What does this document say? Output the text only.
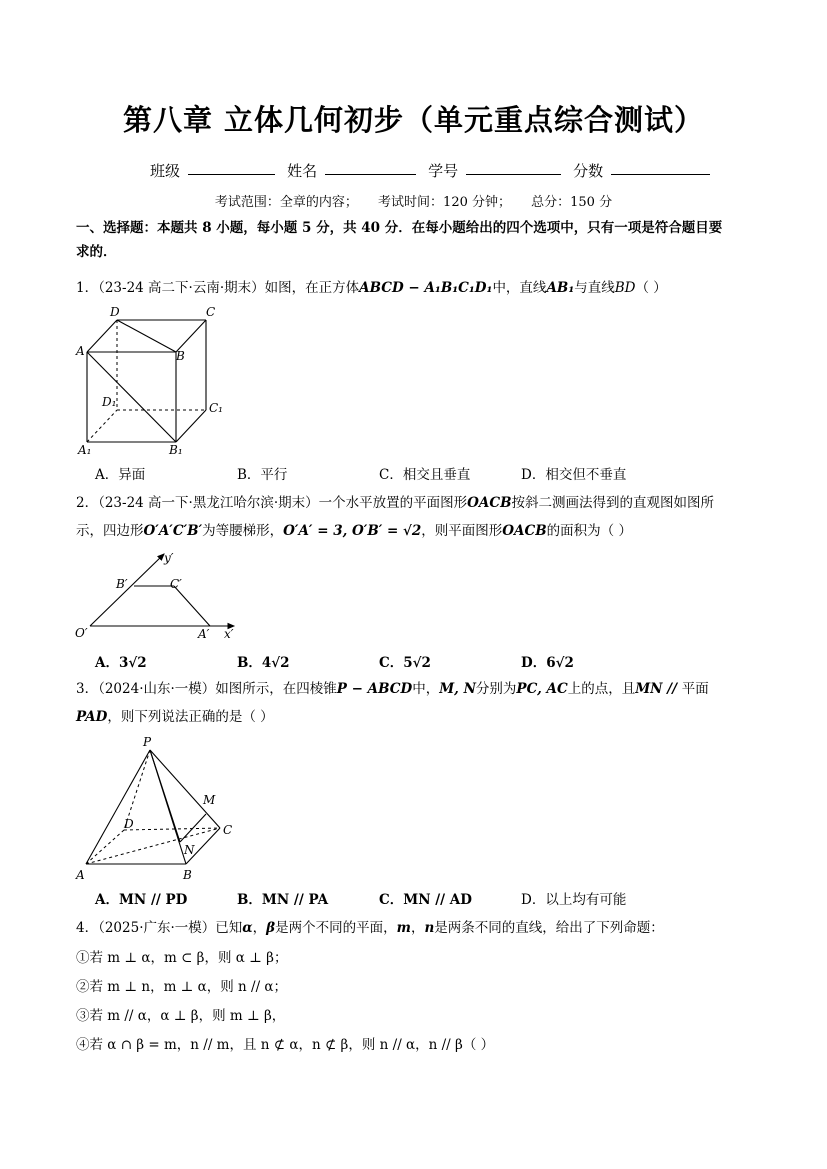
第八章 立体几何初步（单元重点综合测试）
班级	姓名	学号	分数
考试范围：全章的内容； 考试时间：120 分钟； 总分：150 分
一、选择题：本题共 8 小题，每小题 5 分，共 40 分．在每小题给出的四个选项中，只有一项是符合题目要
求的．
1．（23-24 高二下·云南·期末）如图，在正方体ABCD − A₁B₁C₁D₁中，直线AB₁与直线BD（ ）
D	C
A	B
D₁	C₁
A₁	B₁
A．异面	B．平行	C．相交且垂直	D．相交但不垂直
2．（23-24 高一下·黑龙江哈尔滨·期末）一个水平放置的平面图形OACB按斜二测画法得到的直观图如图所
示，四边形O′A′C′B′为等腰梯形，O′A′ = 3, O′B′ = √2，则平面图形OACB的面积为（ ）
y′
B′	C′
O′	A′ x′
A．3√2	B．4√2	C．5√2	D．6√2
3．（2024·山东·一模）如图所示，在四棱锥P − ABCD中，M, N分别为PC, AC上的点，且MN // 平面
PAD，则下列说法正确的是（ ）
P
M
D	C
N
A	B
A．MN // PD	B．MN // PA	C．MN // AD	D．以上均有可能
4．（2025·广东·一模）已知α，β是两个不同的平面，m，n是两条不同的直线，给出了下列命题：
①若 m ⊥ α，m ⊂ β，则 α ⊥ β；
②若 m ⊥ n，m ⊥ α，则 n // α；
③若 m // α，α ⊥ β，则 m ⊥ β，
④若 α ∩ β = m，n // m，且 n ⊄ α，n ⊄ β，则 n // α，n // β（ ）
